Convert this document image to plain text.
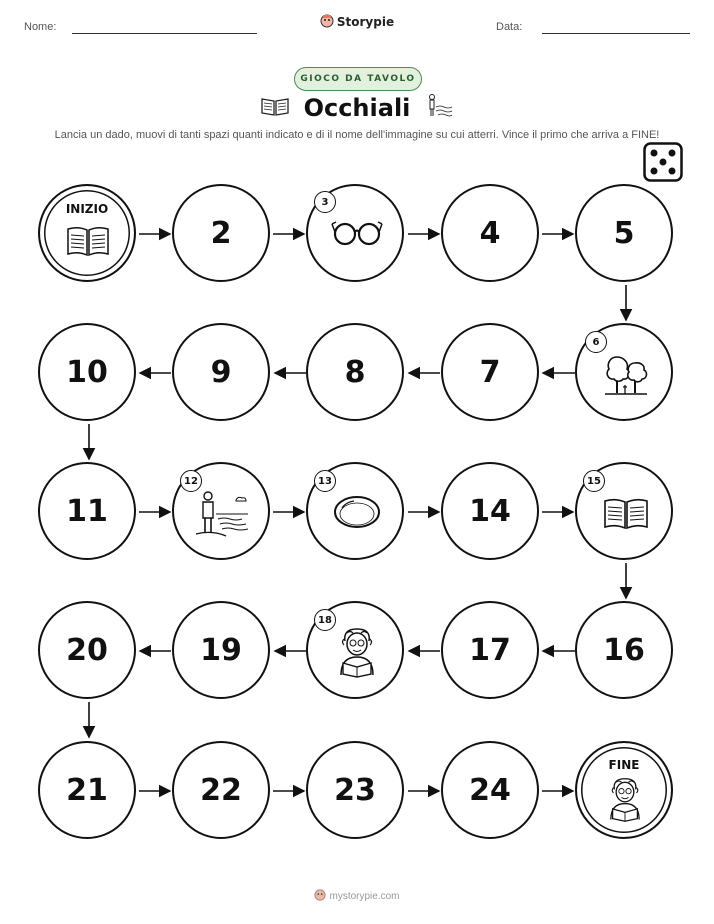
Nome:	Storypie	Data:
GIOCO DA TAVOLO
Occhiali
Lancia un dado, muovi di tanti spazi quanti indicato e di il nome dell'immagine su cui atterri. Vince il primo che arriva a FINE!
INIZIO
2
3
4	5
10	9	8	7
6
11
12	13
14
15
20	19
18
17	16
21	22	23	24
FINE
mystorypie.com
